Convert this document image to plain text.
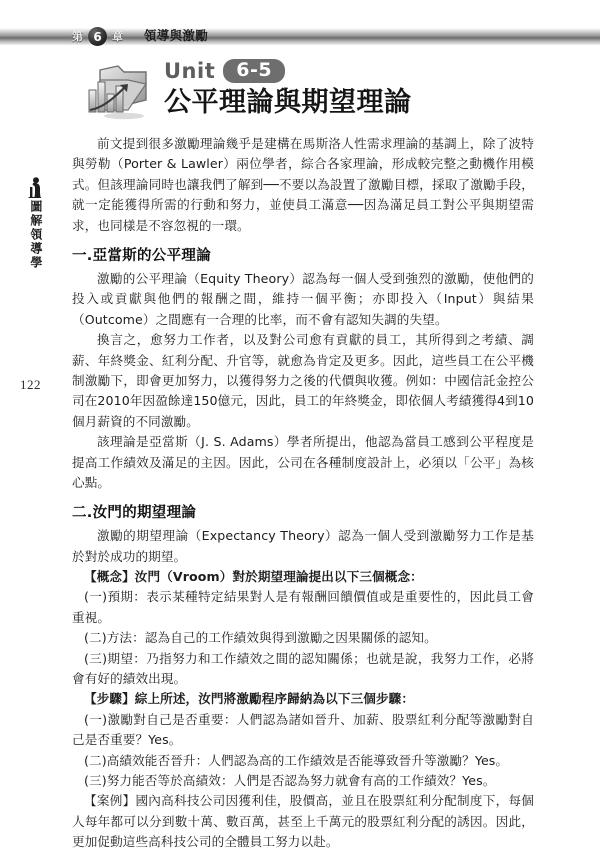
第 6 章 領導與激勵
Unit	6-5
公平理論與期望理論
圖解領導學
122

前文提到很多激勵理論幾乎是建構在馬斯洛人性需求理論的基調上，除了波特與勞勒（Porter & Lawler）兩位學者，綜合各家理論，形成較完整之動機作用模式。但該理論同時也讓我們了解到──不要以為設置了激勵目標，採取了激勵手段，就一定能獲得所需的行動和努力，並使員工滿意──因為滿足員工對公平與期望需求，也同樣是不容忽視的一環。

一.亞當斯的公平理論

激勵的公平理論（Equity Theory）認為每一個人受到強烈的激勵，使他們的投入或貢獻與他們的報酬之間，維持一個平衡；亦即投入（Input）與結果（Outcome）之間應有一合理的比率，而不會有認知失調的失望。

換言之，愈努力工作者，以及對公司愈有貢獻的員工，其所得到之考績、調薪、年終獎金、紅利分配、升官等，就愈為肯定及更多。因此，這些員工在公平機制激勵下，即會更加努力，以獲得努力之後的代價與收獲。例如：中國信託金控公司在2010年因盈餘達150億元，因此，員工的年終獎金，即依個人考績獲得4到10個月薪資的不同激勵。

該理論是亞當斯（J. S. Adams）學者所提出，他認為當員工感到公平程度是提高工作績效及滿足的主因。因此，公司在各種制度設計上，必須以「公平」為核心點。

二.汝門的期望理論

激勵的期望理論（Expectancy Theory）認為一個人受到激勵努力工作是基於對於成功的期望。

【概念】汝門（Vroom）對於期望理論提出以下三個概念：

(一)預期：表示某種特定結果對人是有報酬回饋價值或是重要性的，因此員工會重視。

(二)方法：認為自己的工作績效與得到激勵之因果關係的認知。

(三)期望：乃指努力和工作績效之間的認知關係；也就是說，我努力工作，必將會有好的績效出現。

【步驟】綜上所述，汝門將激勵程序歸納為以下三個步驟：

(一)激勵對自己是否重要：人們認為諸如晉升、加薪、股票紅利分配等激勵對自己是否重要？Yes。

(二)高績效能否晉升：人們認為高的工作績效是否能導致晉升等激勵？Yes。

(三)努力能否等於高績效：人們是否認為努力就會有高的工作績效？Yes。

【案例】國內高科技公司因獲利佳，股價高，並且在股票紅利分配制度下，每個人每年都可以分到數十萬、數百萬，甚至上千萬元的股票紅利分配的誘因。因此，更加促動這些高科技公司的全體員工努力以赴。
